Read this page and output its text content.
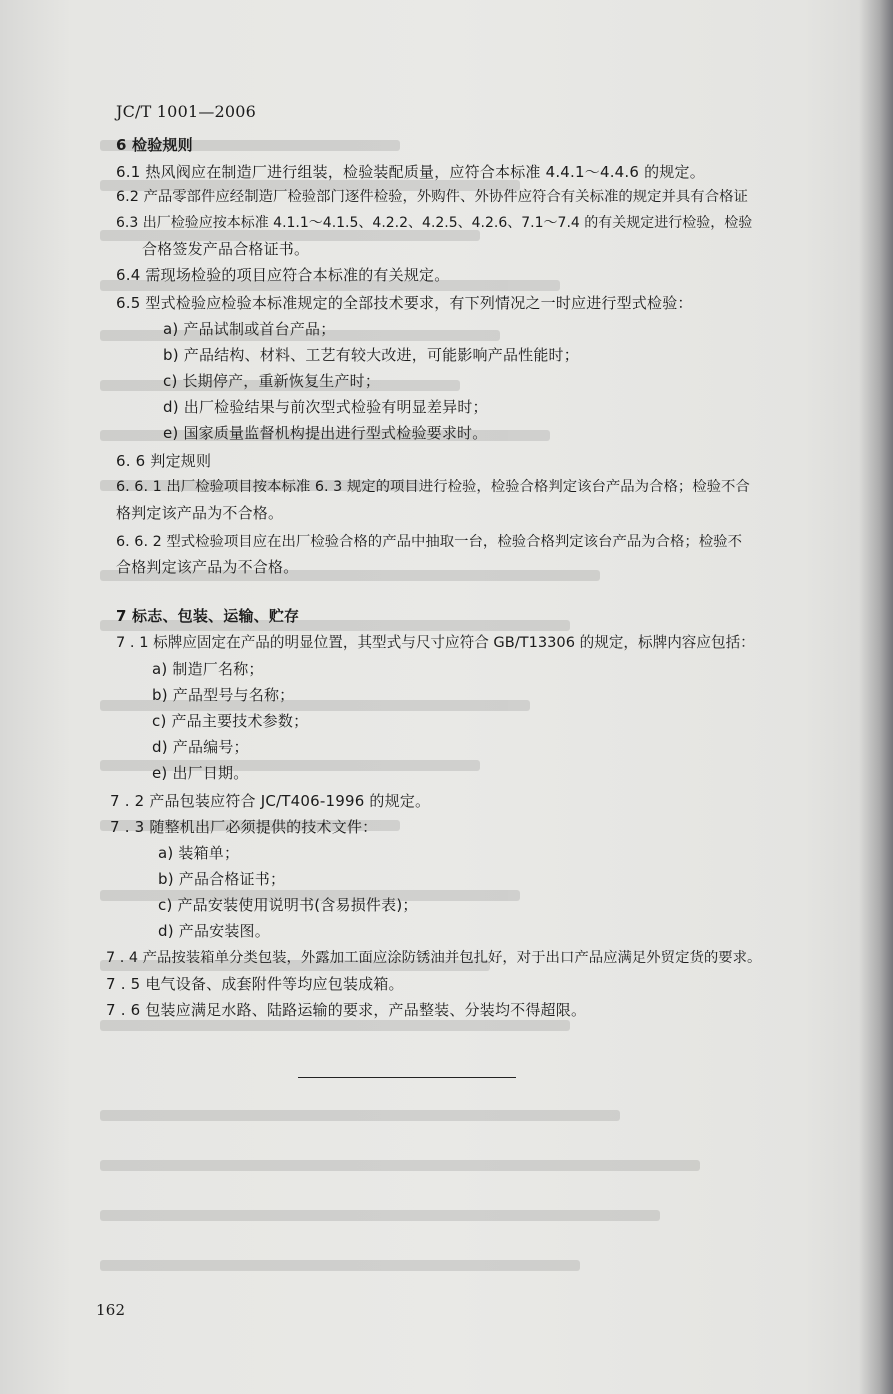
JC/T 1001—2006
6 检验规则
6.1 热风阀应在制造厂进行组装，检验装配质量，应符合本标准 4.4.1～4.4.6 的规定。
6.2 产品零部件应经制造厂检验部门逐件检验，外购件、外协件应符合有关标准的规定并具有合格证
6.3 出厂检验应按本标准 4.1.1～4.1.5、4.2.2、4.2.5、4.2.6、7.1～7.4 的有关规定进行检验，检验
合格签发产品合格证书。
6.4 需现场检验的项目应符合本标准的有关规定。
6.5 型式检验应检验本标准规定的全部技术要求，有下列情况之一时应进行型式检验：
a) 产品试制或首台产品；
b) 产品结构、材料、工艺有较大改进，可能影响产品性能时；
c) 长期停产，重新恢复生产时；
d) 出厂检验结果与前次型式检验有明显差异时；
e) 国家质量监督机构提出进行型式检验要求时。
6. 6 判定规则
6. 6. 1 出厂检验项目按本标准 6. 3 规定的项目进行检验，检验合格判定该台产品为合格；检验不合
格判定该产品为不合格。
6. 6. 2 型式检验项目应在出厂检验合格的产品中抽取一台，检验合格判定该台产品为合格；检验不
合格判定该产品为不合格。
7 标志、包装、运输、贮存
7 . 1 标牌应固定在产品的明显位置，其型式与尺寸应符合 GB/T13306 的规定，标牌内容应包括：
a) 制造厂名称；
b) 产品型号与名称；
c) 产品主要技术参数；
d) 产品编号；
e) 出厂日期。
7 . 2 产品包装应符合 JC/T406-1996 的规定。
7 . 3 随整机出厂必须提供的技术文件：
a) 装箱单；
b) 产品合格证书；
c) 产品安装使用说明书(含易损件表)；
d) 产品安装图。
7 . 4 产品按装箱单分类包装，外露加工面应涂防锈油并包扎好，对于出口产品应满足外贸定货的要求。
7 . 5 电气设备、成套附件等均应包装成箱。
7 . 6 包装应满足水路、陆路运输的要求，产品整装、分装均不得超限。
162
